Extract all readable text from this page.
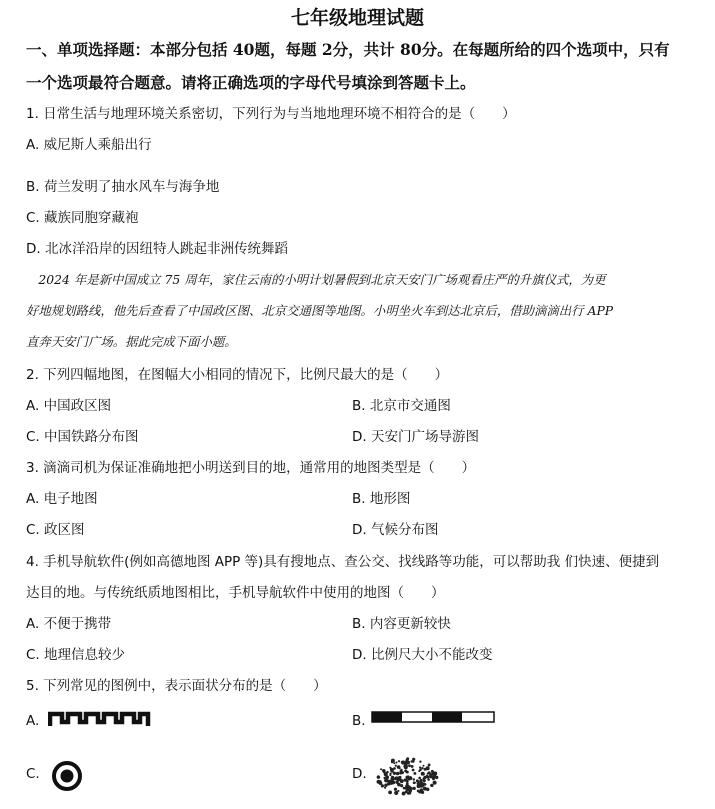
七年级地理试题
一、单项选择题：本部分包括 40题，每题 2分，共计 80分。在每题所给的四个选项中，只有
一个选项最符合题意。请将正确选项的字母代号填涂到答题卡上。
1. 日常生活与地理环境关系密切，下列行为与当地地理环境不相符合的是（　　）
A. 威尼斯人乘船出行
B. 荷兰发明了抽水风车与海争地
C. 藏族同胞穿藏袍
D. 北冰洋沿岸的因纽特人跳起非洲传统舞蹈
　2024 年是新中国成立 75 周年，家住云南的小明计划暑假到北京天安门广场观看庄严的升旗仪式，为更
好地规划路线，他先后查看了中国政区图、北京交通图等地图。小明坐火车到达北京后，借助滴滴出行 APP
直奔天安门广场。据此完成下面小题。
2. 下列四幅地图，在图幅大小相同的情况下，比例尺最大的是（　　）
A. 中国政区图	B. 北京市交通图
C. 中国铁路分布图	D. 天安门广场导游图
3. 滴滴司机为保证准确地把小明送到目的地，通常用的地图类型是（　　）
A. 电子地图	B. 地形图
C. 政区图	D. 气候分布图
4. 手机导航软件(例如高德地图 APP 等)具有搜地点、查公交、找线路等功能，可以帮助我 们快速、便捷到
达目的地。与传统纸质地图相比，手机导航软件中使用的地图（　　）
A. 不便于携带	B. 内容更新较快
C. 地理信息较少	D. 比例尺大小不能改变
5. 下列常见的图例中，表示面状分布的是（　　）
A.	B.
C.	D.
